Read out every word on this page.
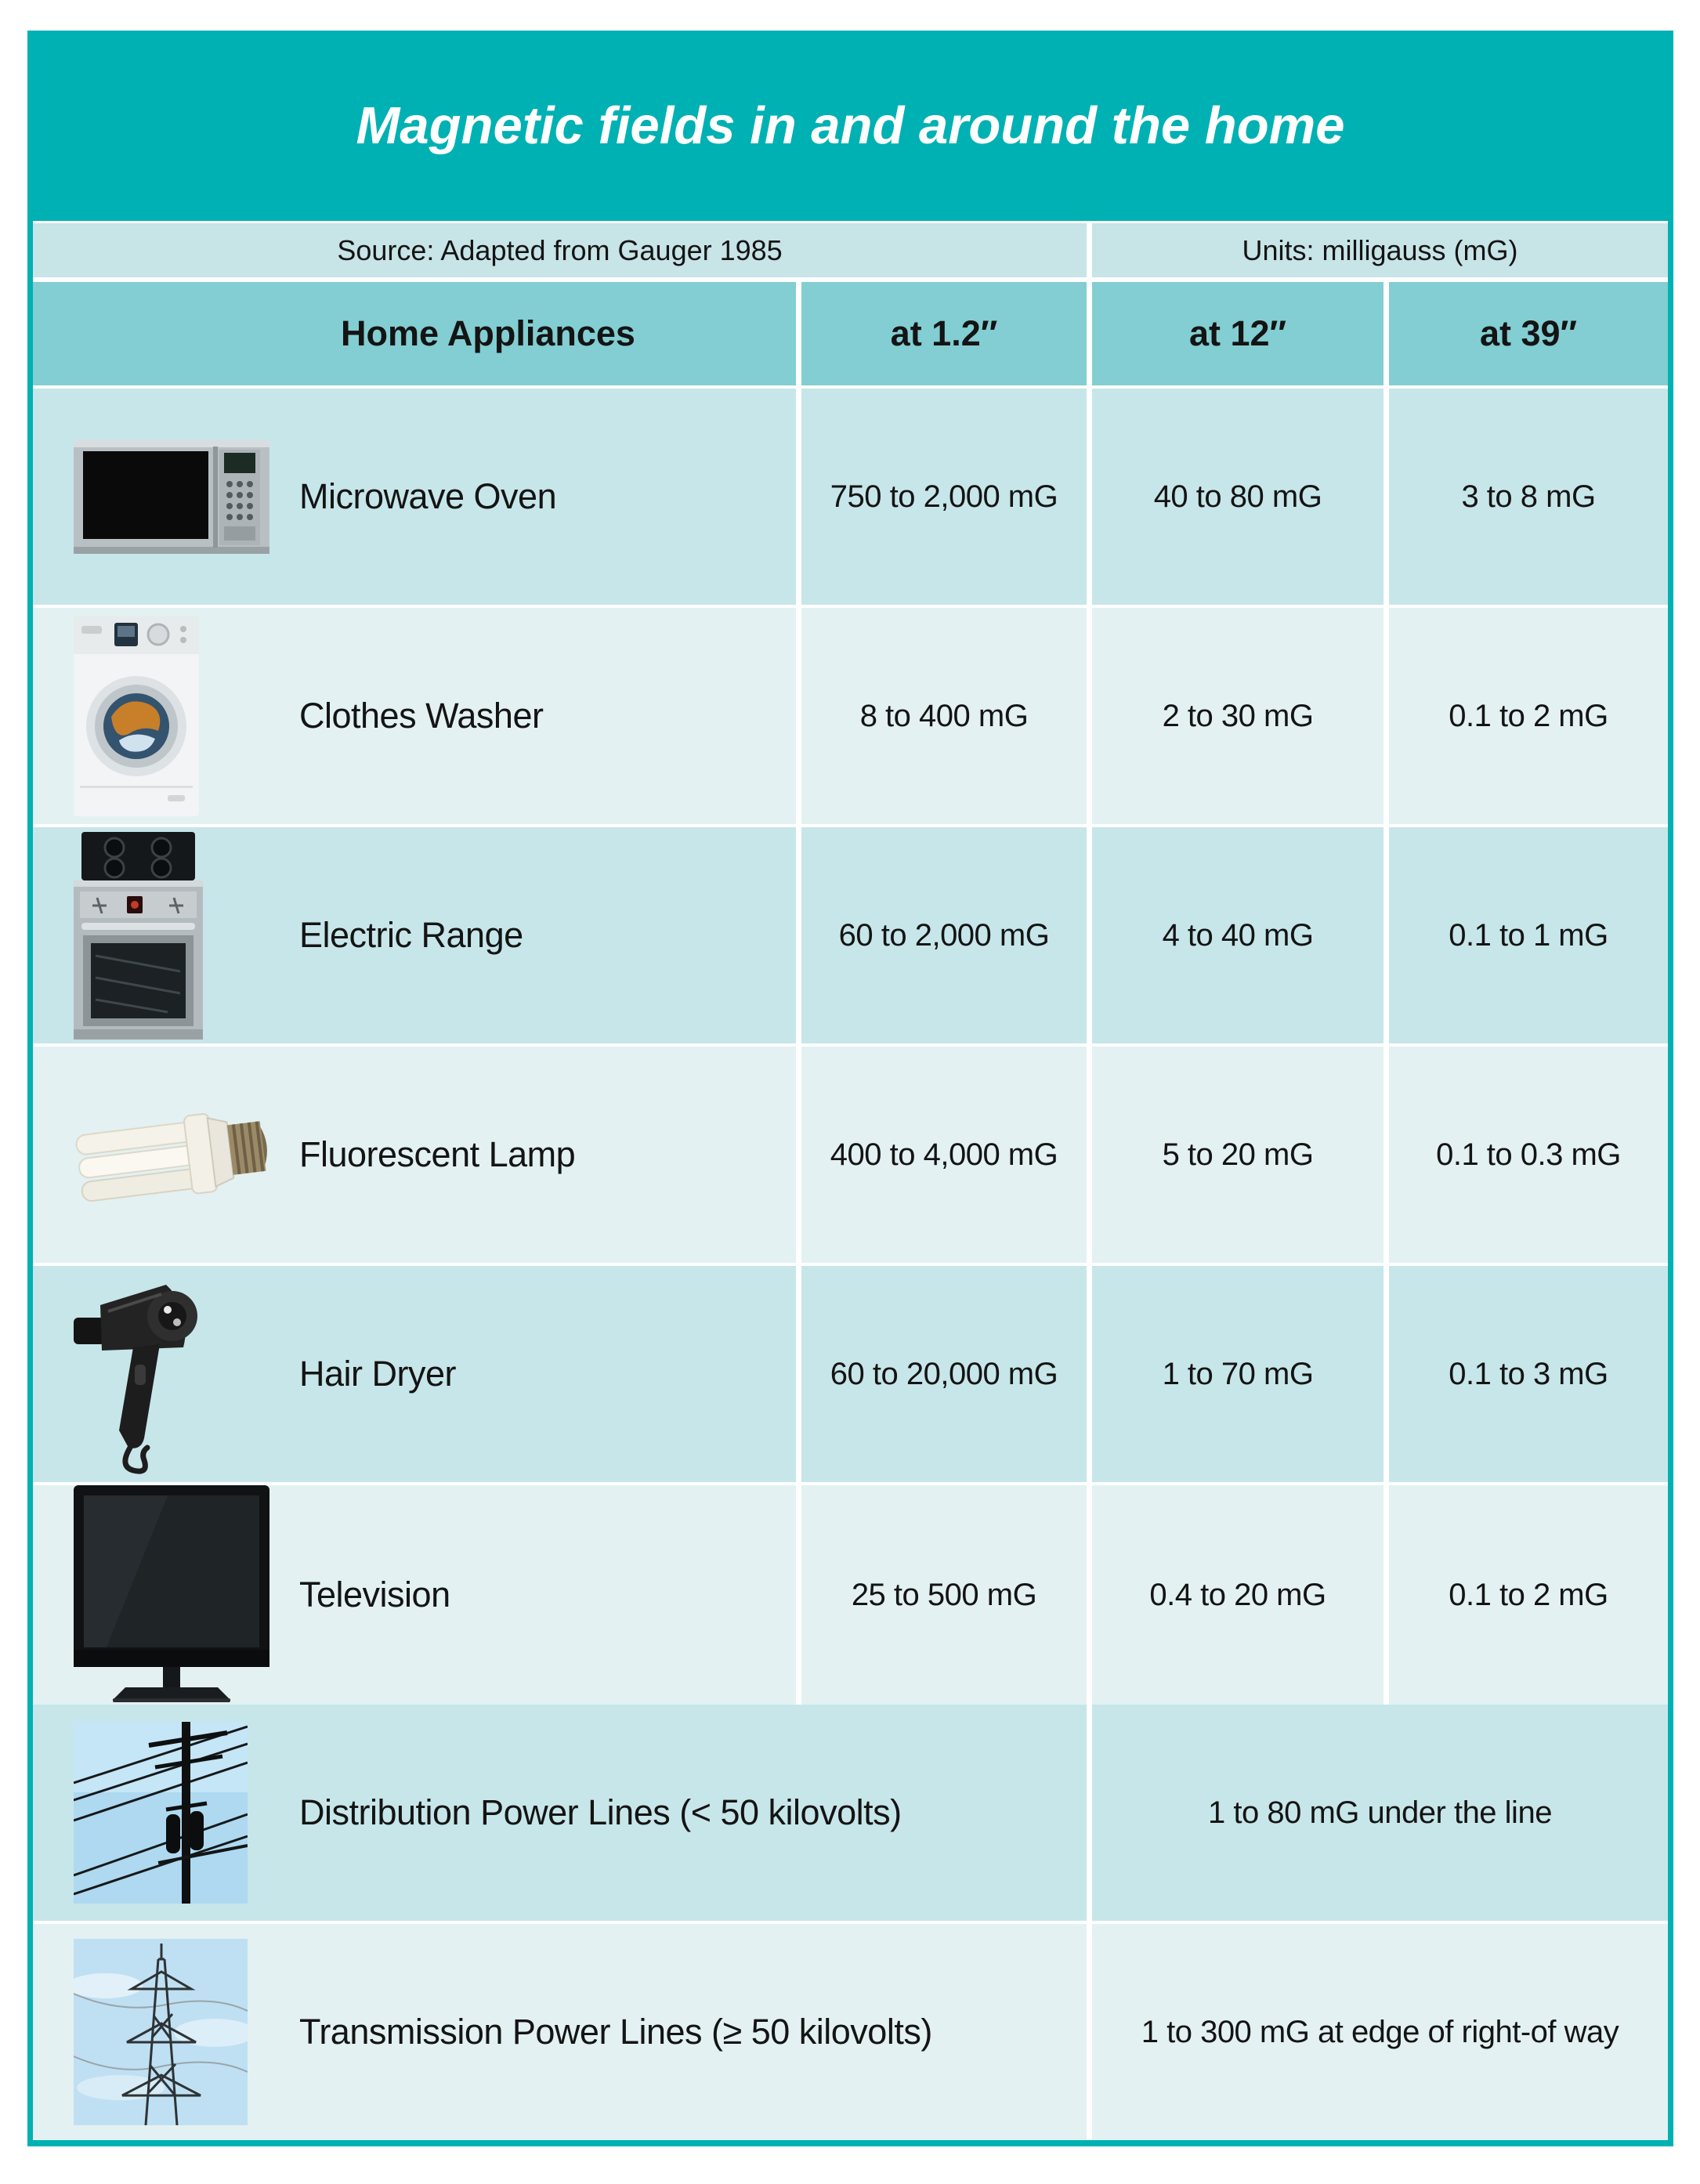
Magnetic fields in and around the home
Source: Adapted from Gauger 1985	Units: milligauss (mG)
Home Appliances	at 1.2″	at 12″	at 39″
Microwave Oven	750 to 2,000 mG	40 to 80 mG	3 to 8 mG
Clothes Washer	8 to 400 mG	2 to 30 mG	0.1 to 2 mG
Electric Range	60 to 2,000 mG	4 to 40 mG	0.1 to 1 mG
Fluorescent Lamp	400 to 4,000 mG	5 to 20 mG	0.1 to 0.3 mG
Hair Dryer	60 to 20,000 mG	1 to 70 mG	0.1 to 3 mG
Television	25 to 500 mG	0.4 to 20 mG	0.1 to 2 mG
Distribution Power Lines (< 50 kilovolts)	1 to 80 mG under the line
Transmission Power Lines (≥ 50 kilovolts)	1 to 300 mG at edge of right-of way
